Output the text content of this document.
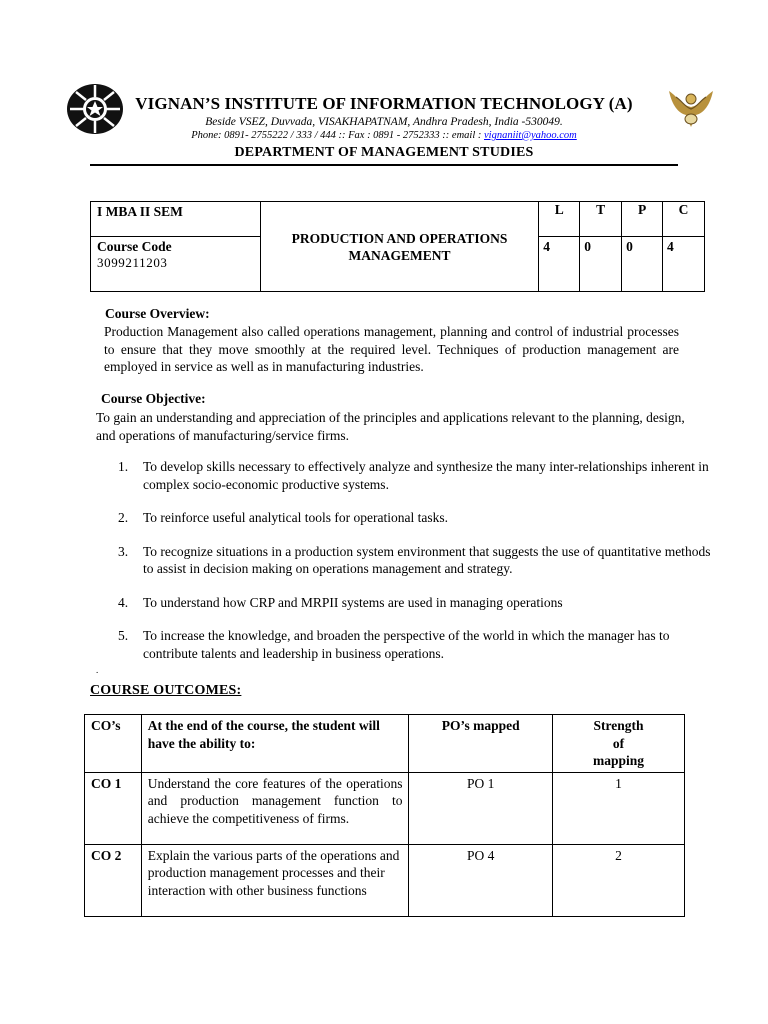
VIGNAN’S INSTITUTE OF INFORMATION TECHNOLOGY (A)
Beside VSEZ, Duvvada, VISAKHAPATNAM, Andhra Pradesh, India -530049.
Phone: 0891- 2755222 / 333 / 444 :: Fax : 0891 - 2752333 :: email : vignaniit@yahoo.com
DEPARTMENT OF MANAGEMENT STUDIES
I MBA II SEM	PRODUCTION AND OPERATIONS MANAGEMENT	L	T	P	C

Course Code
3099211203		4	0	0	4
Course Overview:
Production Management also called operations management, planning and control of industrial processes to ensure that they move smoothly at the required level. Techniques of production management are employed in service as well as in manufacturing industries.
Course Objective:
To gain an understanding and appreciation of the principles and applications relevant to the planning, design, and operations of manufacturing/service firms.
1. To develop skills necessary to effectively analyze and synthesize the many inter-relationships inherent in complex socio-economic productive systems.
2. To reinforce useful analytical tools for operational tasks.
3. To recognize situations in a production system environment that suggests the use of quantitative methods to assist in decision making on operations management and strategy.
4. To understand how CRP and MRPII systems are used in managing operations
5. To increase the knowledge, and broaden the perspective of the world in which the manager has to contribute talents and leadership in business operations.
.
COURSE OUTCOMES:
CO’s	At the end of the course, the student will have the ability to:	PO’s mapped	Strength of mapping
CO 1	Understand the core features of the operations and production management function to achieve the competitiveness of firms.	PO 1	1
CO 2	Explain the various parts of the operations and production management processes and their interaction with other business functions	PO 4	2
